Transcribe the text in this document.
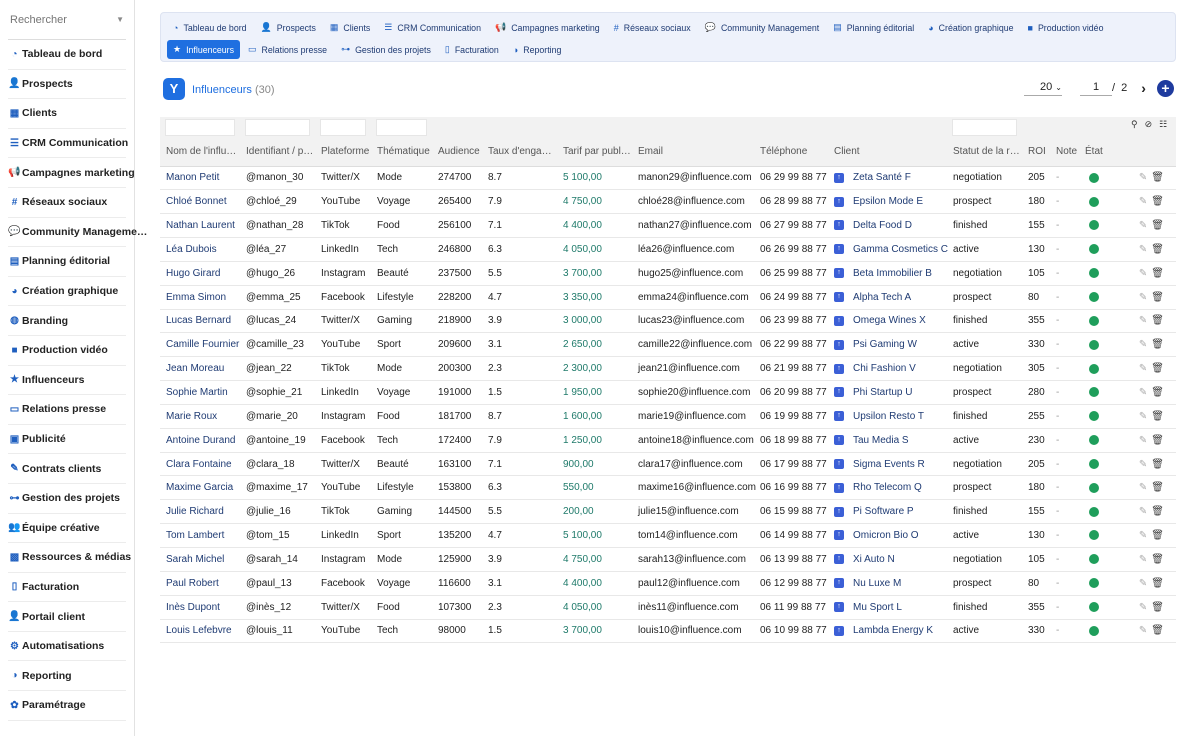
Rechercher
▼
◔ Tableau de bord
👤 Prospects
▦ Clients
☰ CRM Communication
📢 Campagnes marketing
# Réseaux sociaux
💬 Community Manageme…
▤ Planning éditorial
◕ Création graphique
◍ Branding
■ Production vidéo
★ Influenceurs
▭ Relations presse
▣ Publicité
✎ Contrats clients
⊶ Gestion des projets
👥 Équipe créative
▩ Ressources & médias
▯ Facturation
👤 Portail client
⚙ Automatisations
◑ Reporting
✿ Paramétrage
◔ Tableau de bord 👤 Prospects ▦ Clients ☰ CRM Communication 📢 Campagnes marketing # Réseaux sociaux 💬 Community Management ▤ Planning éditorial ◕ Création graphique ■ Production vidéo
★ Influenceurs ▭ Relations presse ⊶ Gestion des projets ▯ Facturation ◑ Reporting
Y	Influenceurs (30)	20 ⌄	1	/ 2 ›	+

				⚲ ⊘ ☷
Nom de l'influ…	Identifiant / p…	Plateforme	Thématique	Audience	Taux d'enga…	Tarif par publ…	Email	Téléphone	Client	Statut de la r…	ROI	Note	État	
Manon Petit	@manon_30	Twitter/X	Mode	274700	8.7	5 100,00	manon29@influence.com	06 29 99 88 77	↑ Zeta Santé F	negotiation	205	-		✎ 🗑
Chloé Bonnet	@chloé_29	YouTube	Voyage	265400	7.9	4 750,00	chloé28@influence.com	06 28 99 88 77	↑ Epsilon Mode E	prospect	180	-		✎ 🗑
Nathan Laurent	@nathan_28	TikTok	Food	256100	7.1	4 400,00	nathan27@influence.com	06 27 99 88 77	↑ Delta Food D	finished	155	-		✎ 🗑
Léa Dubois	@léa_27	LinkedIn	Tech	246800	6.3	4 050,00	léa26@influence.com	06 26 99 88 77	↑ Gamma Cosmetics C	active	130	-		✎ 🗑
Hugo Girard	@hugo_26	Instagram	Beauté	237500	5.5	3 700,00	hugo25@influence.com	06 25 99 88 77	↑ Beta Immobilier B	negotiation	105	-		✎ 🗑
Emma Simon	@emma_25	Facebook	Lifestyle	228200	4.7	3 350,00	emma24@influence.com	06 24 99 88 77	↑ Alpha Tech A	prospect	80	-		✎ 🗑
Lucas Bernard	@lucas_24	Twitter/X	Gaming	218900	3.9	3 000,00	lucas23@influence.com	06 23 99 88 77	↑ Omega Wines X	finished	355	-		✎ 🗑
Camille Fournier	@camille_23	YouTube	Sport	209600	3.1	2 650,00	camille22@influence.com	06 22 99 88 77	↑ Psi Gaming W	active	330	-		✎ 🗑
Jean Moreau	@jean_22	TikTok	Mode	200300	2.3	2 300,00	jean21@influence.com	06 21 99 88 77	↑ Chi Fashion V	negotiation	305	-		✎ 🗑
Sophie Martin	@sophie_21	LinkedIn	Voyage	191000	1.5	1 950,00	sophie20@influence.com	06 20 99 88 77	↑ Phi Startup U	prospect	280	-		✎ 🗑
Marie Roux	@marie_20	Instagram	Food	181700	8.7	1 600,00	marie19@influence.com	06 19 99 88 77	↑ Upsilon Resto T	finished	255	-		✎ 🗑
Antoine Durand	@antoine_19	Facebook	Tech	172400	7.9	1 250,00	antoine18@influence.com	06 18 99 88 77	↑ Tau Media S	active	230	-		✎ 🗑
Clara Fontaine	@clara_18	Twitter/X	Beauté	163100	7.1	900,00	clara17@influence.com	06 17 99 88 77	↑ Sigma Events R	negotiation	205	-		✎ 🗑
Maxime Garcia	@maxime_17	YouTube	Lifestyle	153800	6.3	550,00	maxime16@influence.com	06 16 99 88 77	↑ Rho Telecom Q	prospect	180	-		✎ 🗑
Julie Richard	@julie_16	TikTok	Gaming	144500	5.5	200,00	julie15@influence.com	06 15 99 88 77	↑ Pi Software P	finished	155	-		✎ 🗑
Tom Lambert	@tom_15	LinkedIn	Sport	135200	4.7	5 100,00	tom14@influence.com	06 14 99 88 77	↑ Omicron Bio O	active	130	-		✎ 🗑
Sarah Michel	@sarah_14	Instagram	Mode	125900	3.9	4 750,00	sarah13@influence.com	06 13 99 88 77	↑ Xi Auto N	negotiation	105	-		✎ 🗑
Paul Robert	@paul_13	Facebook	Voyage	116600	3.1	4 400,00	paul12@influence.com	06 12 99 88 77	↑ Nu Luxe M	prospect	80	-		✎ 🗑
Inès Dupont	@inès_12	Twitter/X	Food	107300	2.3	4 050,00	inès11@influence.com	06 11 99 88 77	↑ Mu Sport L	finished	355	-		✎ 🗑
Louis Lefebvre	@louis_11	YouTube	Tech	98000	1.5	3 700,00	louis10@influence.com	06 10 99 88 77	↑ Lambda Energy K	active	330	-		✎ 🗑
